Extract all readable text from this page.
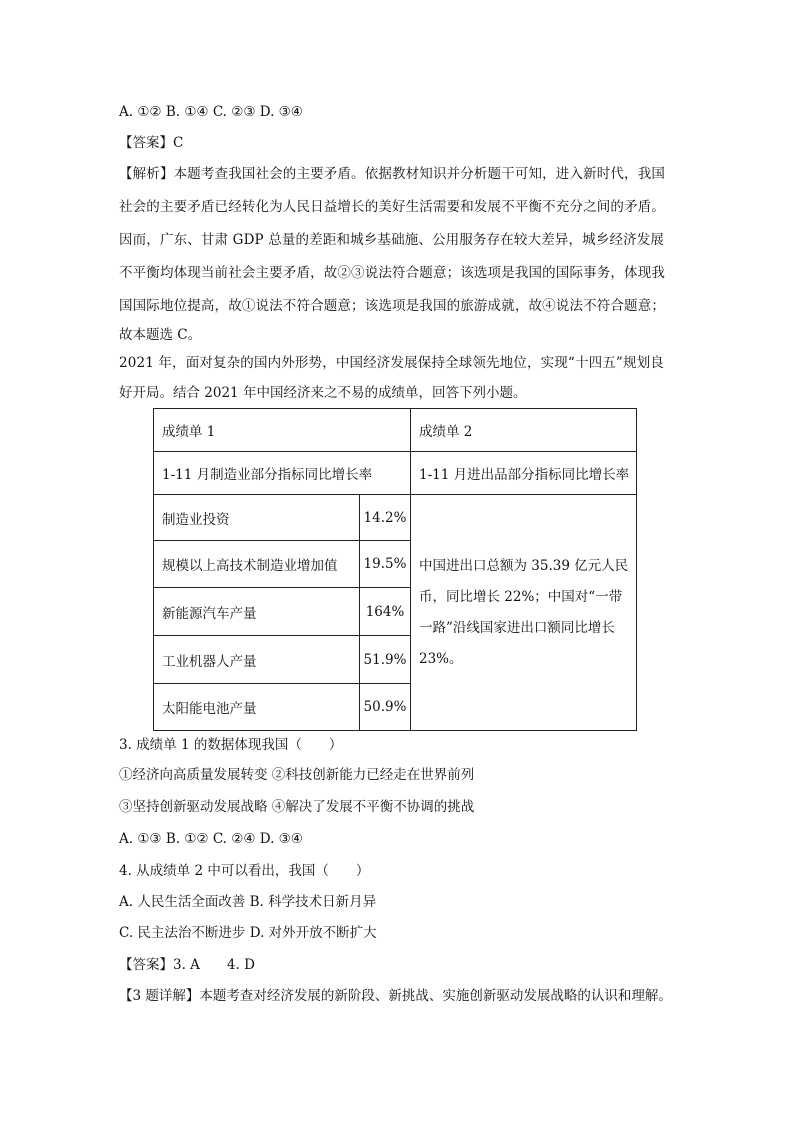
A. ①② B. ①④ C. ②③ D. ③④
【答案】C
【解析】本题考查我国社会的主要矛盾。依据教材知识并分析题干可知，进入新时代，我国
社会的主要矛盾已经转化为人民日益增长的美好生活需要和发展不平衡不充分之间的矛盾。
因而，广东、甘肃 GDP 总量的差距和城乡基础施、公用服务存在较大差异，城乡经济发展
不平衡均体现当前社会主要矛盾，故②③说法符合题意；该选项是我国的国际事务，体现我
国国际地位提高，故①说法不符合题意；该选项是我国的旅游成就，故④说法不符合题意；
故本题选 C。
2021 年，面对复杂的国内外形势，中国经济发展保持全球领先地位，实现“十四五”规划良
好开局。结合 2021 年中国经济来之不易的成绩单，回答下列小题。
成绩单 1		成绩单 2
1-11 月制造业部分指标同比增长率		1-11 月进出品部分指标同比增长率
制造业投资	14.2%	中国进出口总额为 35.39 亿元人民币，同比增长 22%；中国对“一带一路”沿线国家进出口额同比增长 23%。
规模以上高技术制造业增加值	19.5%	
新能源汽车产量	164%	
工业机器人产量	51.9%	
太阳能电池产量	50.9%	
3. 成绩单 1 的数据体现我国（　　）
①经济向高质量发展转变 ②科技创新能力已经走在世界前列
③坚持创新驱动发展战略 ④解决了发展不平衡不协调的挑战
A. ①③ B. ①② C. ②④ D. ③④
4. 从成绩单 2 中可以看出，我国（　　）
A. 人民生活全面改善 B. 科学技术日新月异
C. 民主法治不断进步 D. 对外开放不断扩大
【答案】3. A　　4. D
【3 题详解】本题考查对经济发展的新阶段、新挑战、实施创新驱动发展战略的认识和理解。
